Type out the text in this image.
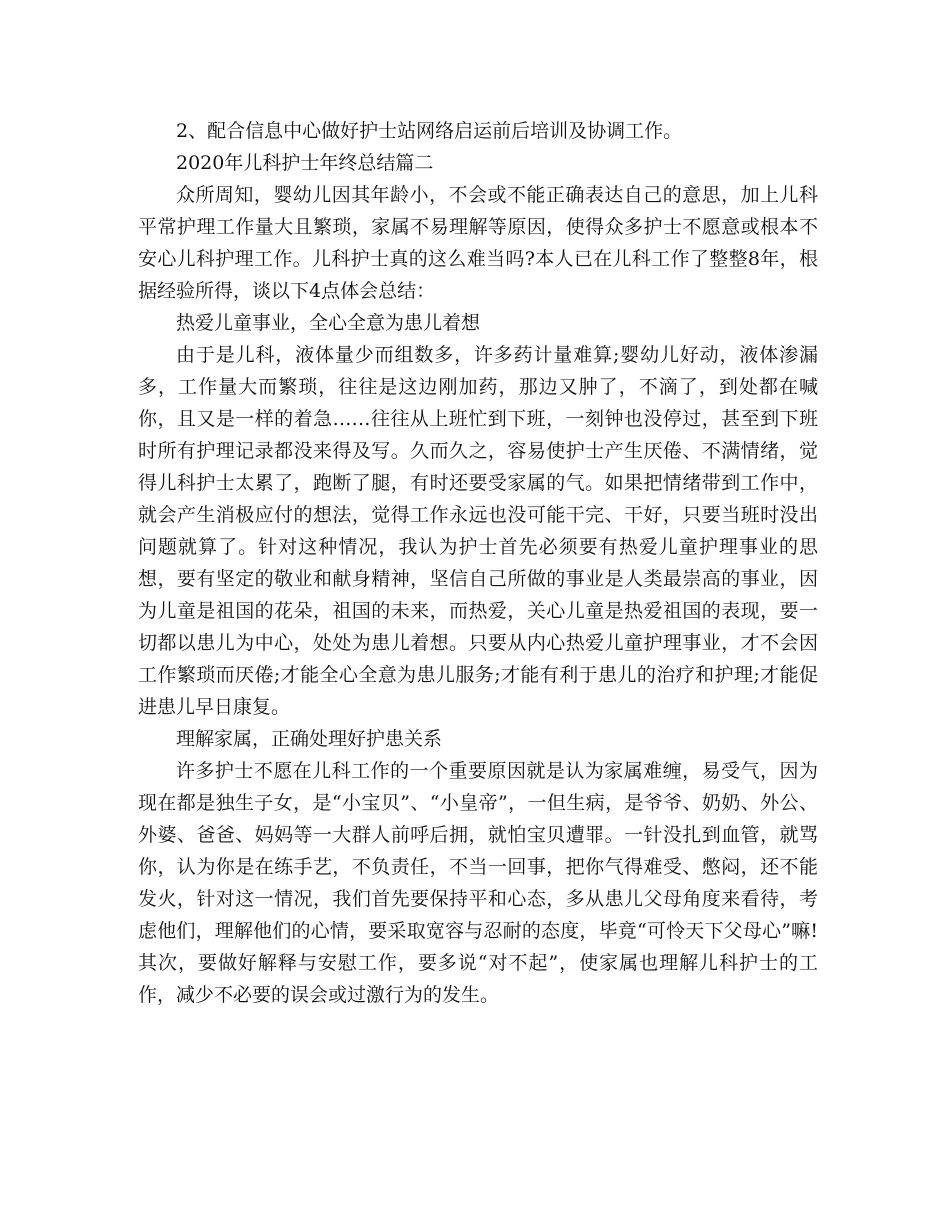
2、配合信息中心做好护士站网络启运前后培训及协调工作。

2020年儿科护士年终总结篇二

众所周知，婴幼儿因其年龄小，不会或不能正确表达自己的意思，加上儿科平常护理工作量大且繁琐，家属不易理解等原因，使得众多护士不愿意或根本不安心儿科护理工作。儿科护士真的这么难当吗?本人已在儿科工作了整整8年，根据经验所得，谈以下4点体会总结：

热爱儿童事业，全心全意为患儿着想

由于是儿科，液体量少而组数多，许多药计量难算;婴幼儿好动，液体渗漏多，工作量大而繁琐，往往是这边刚加药，那边又肿了，不滴了，到处都在喊你，且又是一样的着急……往往从上班忙到下班，一刻钟也没停过，甚至到下班时所有护理记录都没来得及写。久而久之，容易使护士产生厌倦、不满情绪，觉得儿科护士太累了，跑断了腿，有时还要受家属的气。如果把情绪带到工作中，就会产生消极应付的想法，觉得工作永远也没可能干完、干好，只要当班时没出问题就算了。针对这种情况，我认为护士首先必须要有热爱儿童护理事业的思想，要有坚定的敬业和献身精神，坚信自己所做的事业是人类最崇高的事业，因为儿童是祖国的花朵，祖国的未来，而热爱，关心儿童是热爱祖国的表现，要一切都以患儿为中心，处处为患儿着想。只要从内心热爱儿童护理事业，才不会因工作繁琐而厌倦;才能全心全意为患儿服务;才能有利于患儿的治疗和护理;才能促进患儿早日康复。

理解家属，正确处理好护患关系

许多护士不愿在儿科工作的一个重要原因就是认为家属难缠，易受气，因为现在都是独生子女，是“小宝贝”、“小皇帝”，一但生病，是爷爷、奶奶、外公、外婆、爸爸、妈妈等一大群人前呼后拥，就怕宝贝遭罪。一针没扎到血管，就骂你，认为你是在练手艺，不负责任，不当一回事，把你气得难受、憋闷，还不能发火，针对这一情况，我们首先要保持平和心态，多从患儿父母角度来看待，考虑他们，理解他们的心情，要采取宽容与忍耐的态度，毕竟“可怜天下父母心”嘛!其次，要做好解释与安慰工作，要多说“对不起”，使家属也理解儿科护士的工作，减少不必要的误会或过激行为的发生。
